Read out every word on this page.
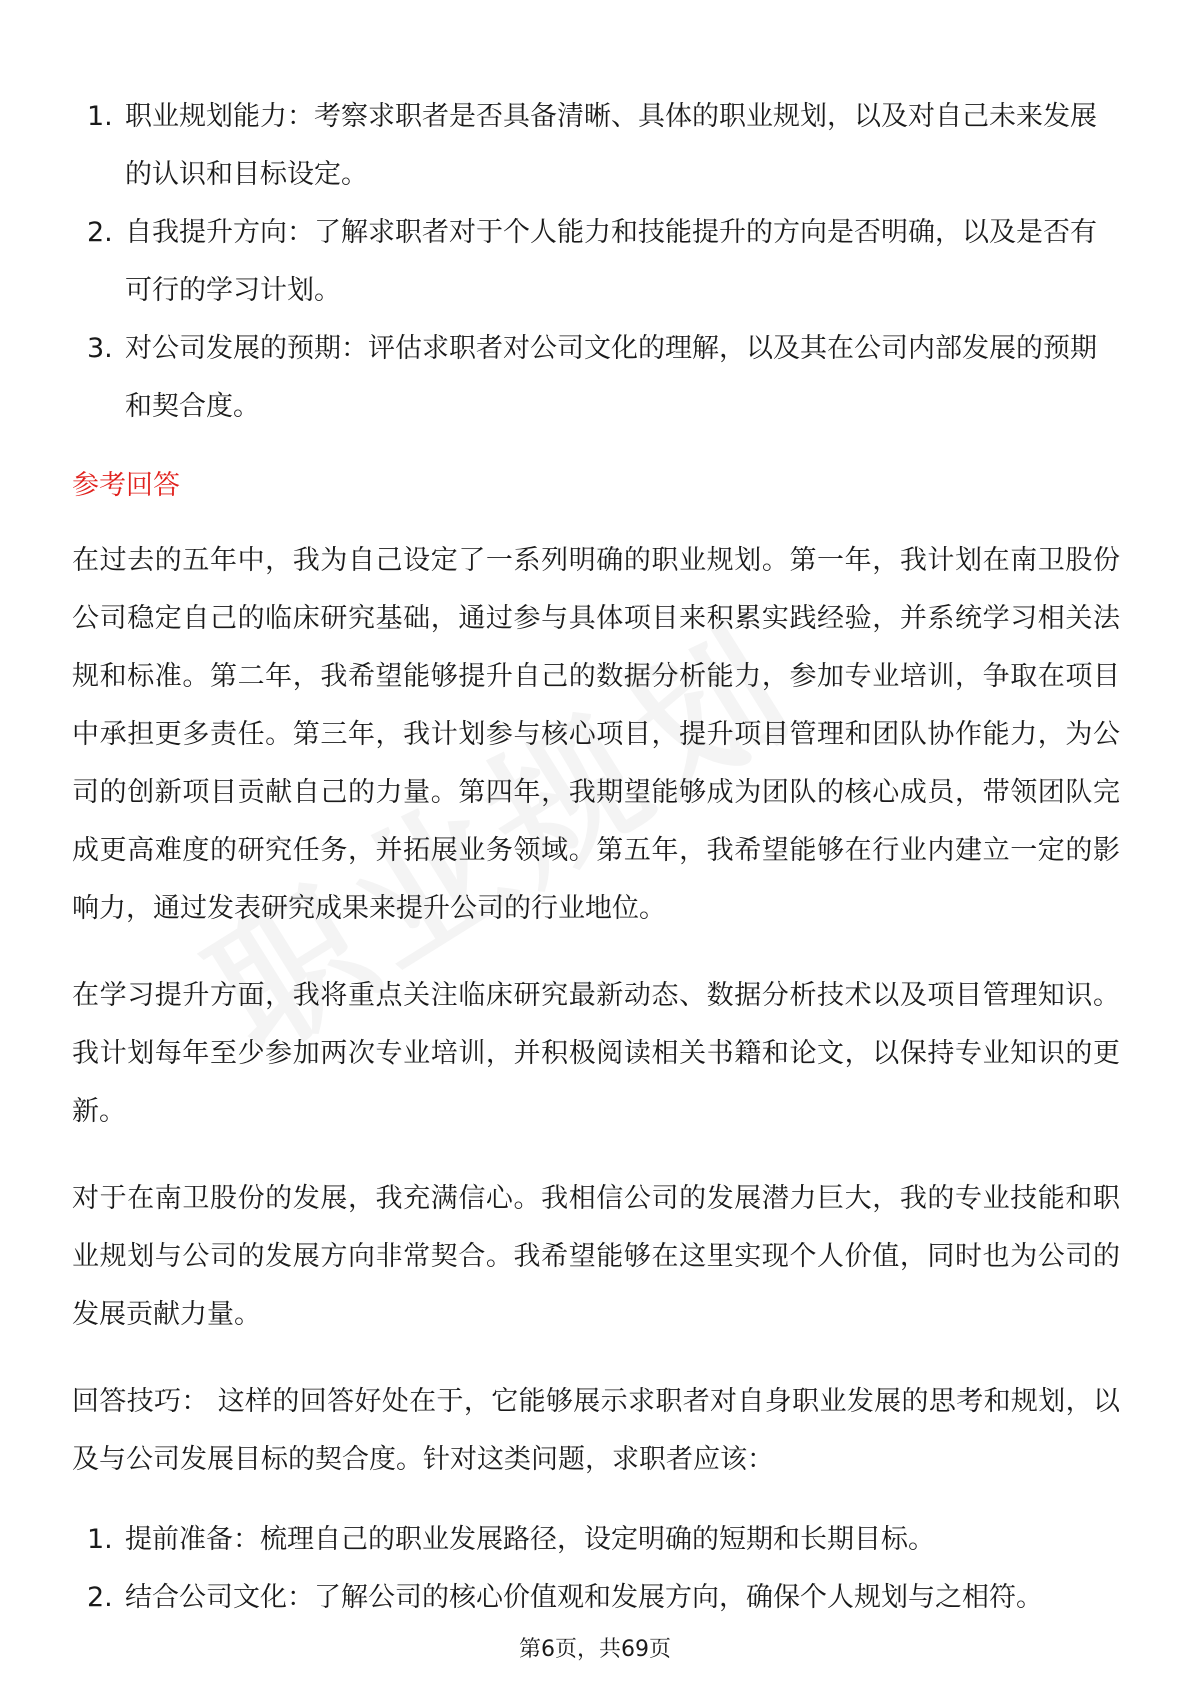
1. 职业规划能力：考察求职者是否具备清晰、具体的职业规划，以及对自己未来发展的认识和目标设定。
2. 自我提升方向：了解求职者对于个人能力和技能提升的方向是否明确，以及是否有可行的学习计划。
3. 对公司发展的预期：评估求职者对公司文化的理解，以及其在公司内部发展的预期和契合度。
参考回答

在过去的五年中，我为自己设定了一系列明确的职业规划。第一年，我计划在南卫股份公司稳定自己的临床研究基础，通过参与具体项目来积累实践经验，并系统学习相关法规和标准。第二年，我希望能够提升自己的数据分析能力，参加专业培训，争取在项目中承担更多责任。第三年，我计划参与核心项目，提升项目管理和团队协作能力，为公司的创新项目贡献自己的力量。第四年，我期望能够成为团队的核心成员，带领团队完成更高难度的研究任务，并拓展业务领域。第五年，我希望能够在行业内建立一定的影响力，通过发表研究成果来提升公司的行业地位。

在学习提升方面，我将重点关注临床研究最新动态、数据分析技术以及项目管理知识。我计划每年至少参加两次专业培训，并积极阅读相关书籍和论文，以保持专业知识的更新。

对于在南卫股份的发展，我充满信心。我相信公司的发展潜力巨大，我的专业技能和职业规划与公司的发展方向非常契合。我希望能够在这里实现个人价值，同时也为公司的发展贡献力量。

回答技巧： 这样的回答好处在于，它能够展示求职者对自身职业发展的思考和规划，以及与公司发展目标的契合度。针对这类问题，求职者应该：

1. 提前准备：梳理自己的职业发展路径，设定明确的短期和长期目标。
2. 结合公司文化：了解公司的核心价值观和发展方向，确保个人规划与之相符。
第6页，共69页
